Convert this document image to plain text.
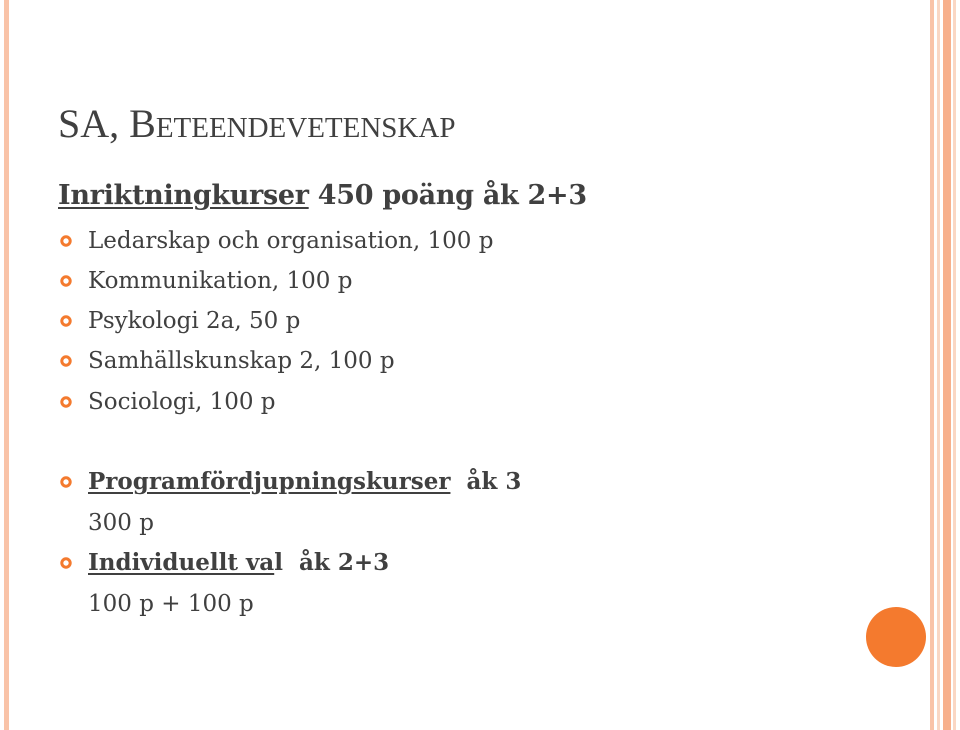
SA, BETEENDEVETENSKAP
Inriktningkurser 450 poäng åk 2+3
Ledarskap och organisation, 100 p
Kommunikation, 100 p
Psykologi 2a, 50 p
Samhällskunskap 2, 100 p
Sociologi, 100 p
Programfördjupningskurser  åk 3
300 p
Individuellt val  åk 2+3
100 p + 100 p
